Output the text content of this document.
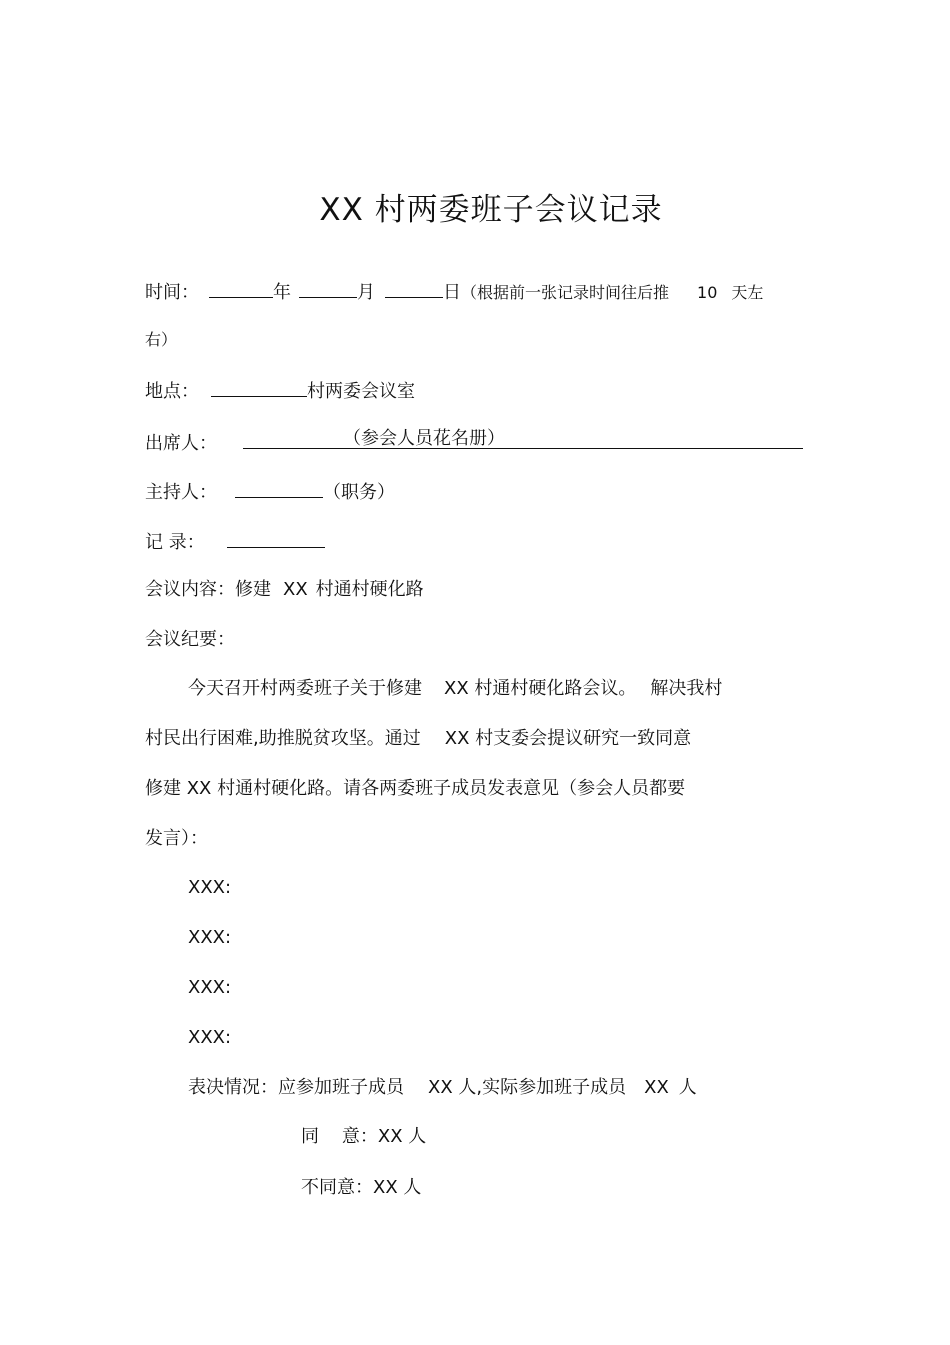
XX 村两委班子会议记录
时间：	年	月	日（根据前一张记录时间往后推 10 天左
右）
地点：	村两委会议室
出席人：	（参会人员花名册）
主持人：	（职务）
记 录：
会议内容：修建 XX 村通村硬化路
会议纪要：
今天召开村两委班子关于修建 XX 村通村硬化路会议。 解决我村
村民出行困难,助推脱贫攻坚。通过 XX 村支委会提议研究一致同意
修建 XX 村通村硬化路。请各两委班子成员发表意见（参会人员都要
发言）：
XXX:
XXX:
XXX:
XXX:
表决情况：应参加班子成员 XX 人,实际参加班子成员 XX 人
同    意：XX 人
不同意：XX 人
